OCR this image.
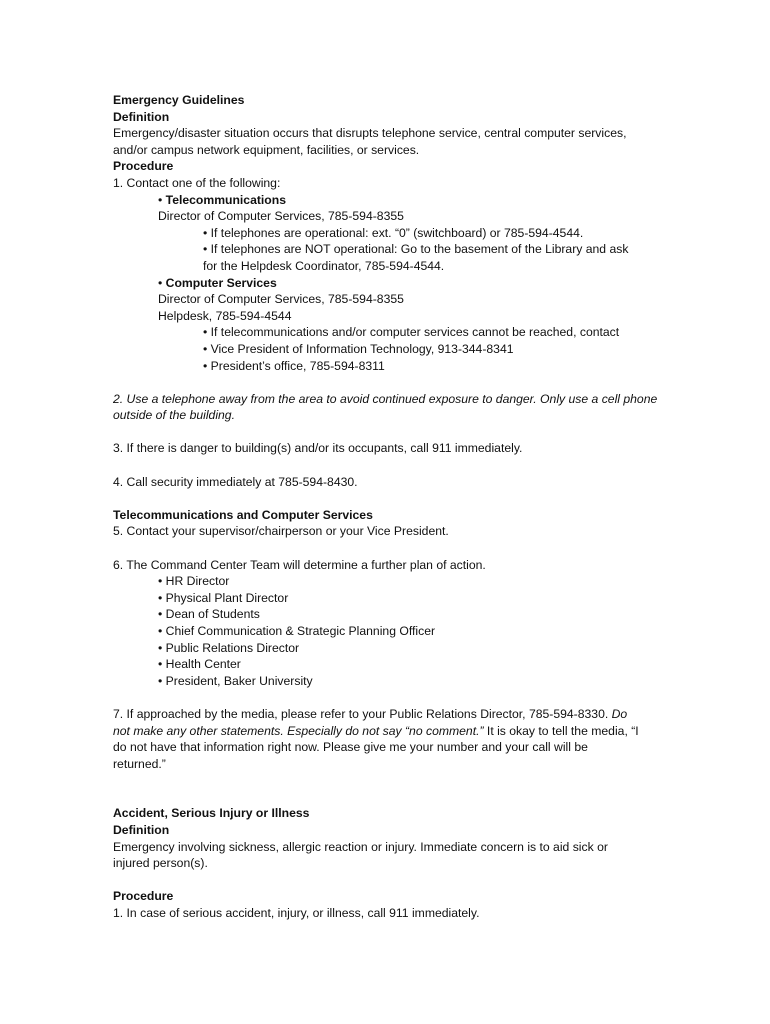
Emergency Guidelines

Definition

Emergency/disaster situation occurs that disrupts telephone service, central computer services,

and/or campus network equipment, facilities, or services.

Procedure

1. Contact one of the following:

• Telecommunications

Director of Computer Services, 785-594-8355

• If telephones are operational: ext. “0” (switchboard) or 785-594-4544.

• If telephones are NOT operational: Go to the basement of the Library and ask

for the Helpdesk Coordinator, 785-594-4544.

• Computer Services

Director of Computer Services, 785-594-8355

Helpdesk, 785-594-4544

• If telecommunications and/or computer services cannot be reached, contact

• Vice President of Information Technology, 913-344-8341

• President’s office, 785-594-8311

2. Use a telephone away from the area to avoid continued exposure to danger. Only use a cell phone

outside of the building.

3. If there is danger to building(s) and/or its occupants, call 911 immediately.

4. Call security immediately at 785-594-8430.

Telecommunications and Computer Services

5. Contact your supervisor/chairperson or your Vice President.

6. The Command Center Team will determine a further plan of action.

• HR Director

• Physical Plant Director

• Dean of Students

• Chief Communication & Strategic Planning Officer

• Public Relations Director

• Health Center

• President, Baker University

7. If approached by the media, please refer to your Public Relations Director, 785-594-8330. Do

not make any other statements. Especially do not say “no comment.” It is okay to tell the media, “I

do not have that information right now. Please give me your number and your call will be

returned.”

Accident, Serious Injury or Illness

Definition

Emergency involving sickness, allergic reaction or injury. Immediate concern is to aid sick or

injured person(s).

Procedure

1. In case of serious accident, injury, or illness, call 911 immediately.
